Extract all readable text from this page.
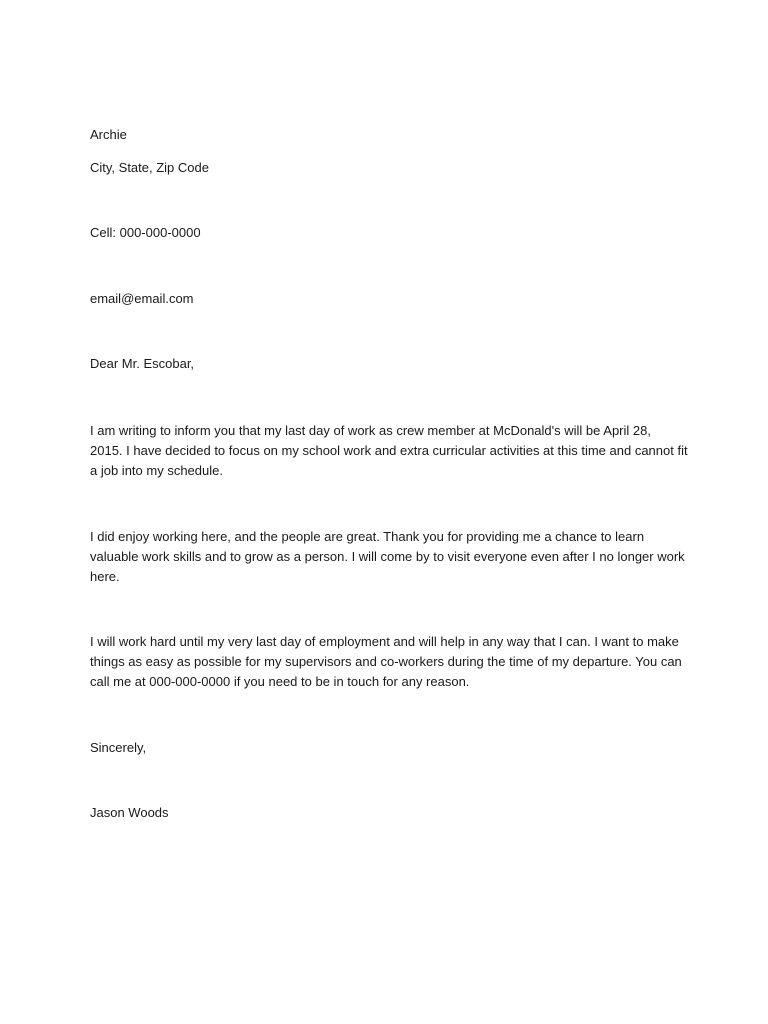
Archie

City, State, Zip Code

Cell: 000-000-0000

email@email.com

Dear Mr. Escobar,

I am writing to inform you that my last day of work as crew member at McDonald's will be April 28,
2015. I have decided to focus on my school work and extra curricular activities at this time and cannot fit
a job into my schedule.
I did enjoy working here, and the people are great. Thank you for providing me a chance to learn
valuable work skills and to grow as a person. I will come by to visit everyone even after I no longer work
here.
I will work hard until my very last day of employment and will help in any way that I can. I want to make
things as easy as possible for my supervisors and co-workers during the time of my departure. You can
call me at 000-000-0000 if you need to be in touch for any reason.

Sincerely,

Jason Woods
